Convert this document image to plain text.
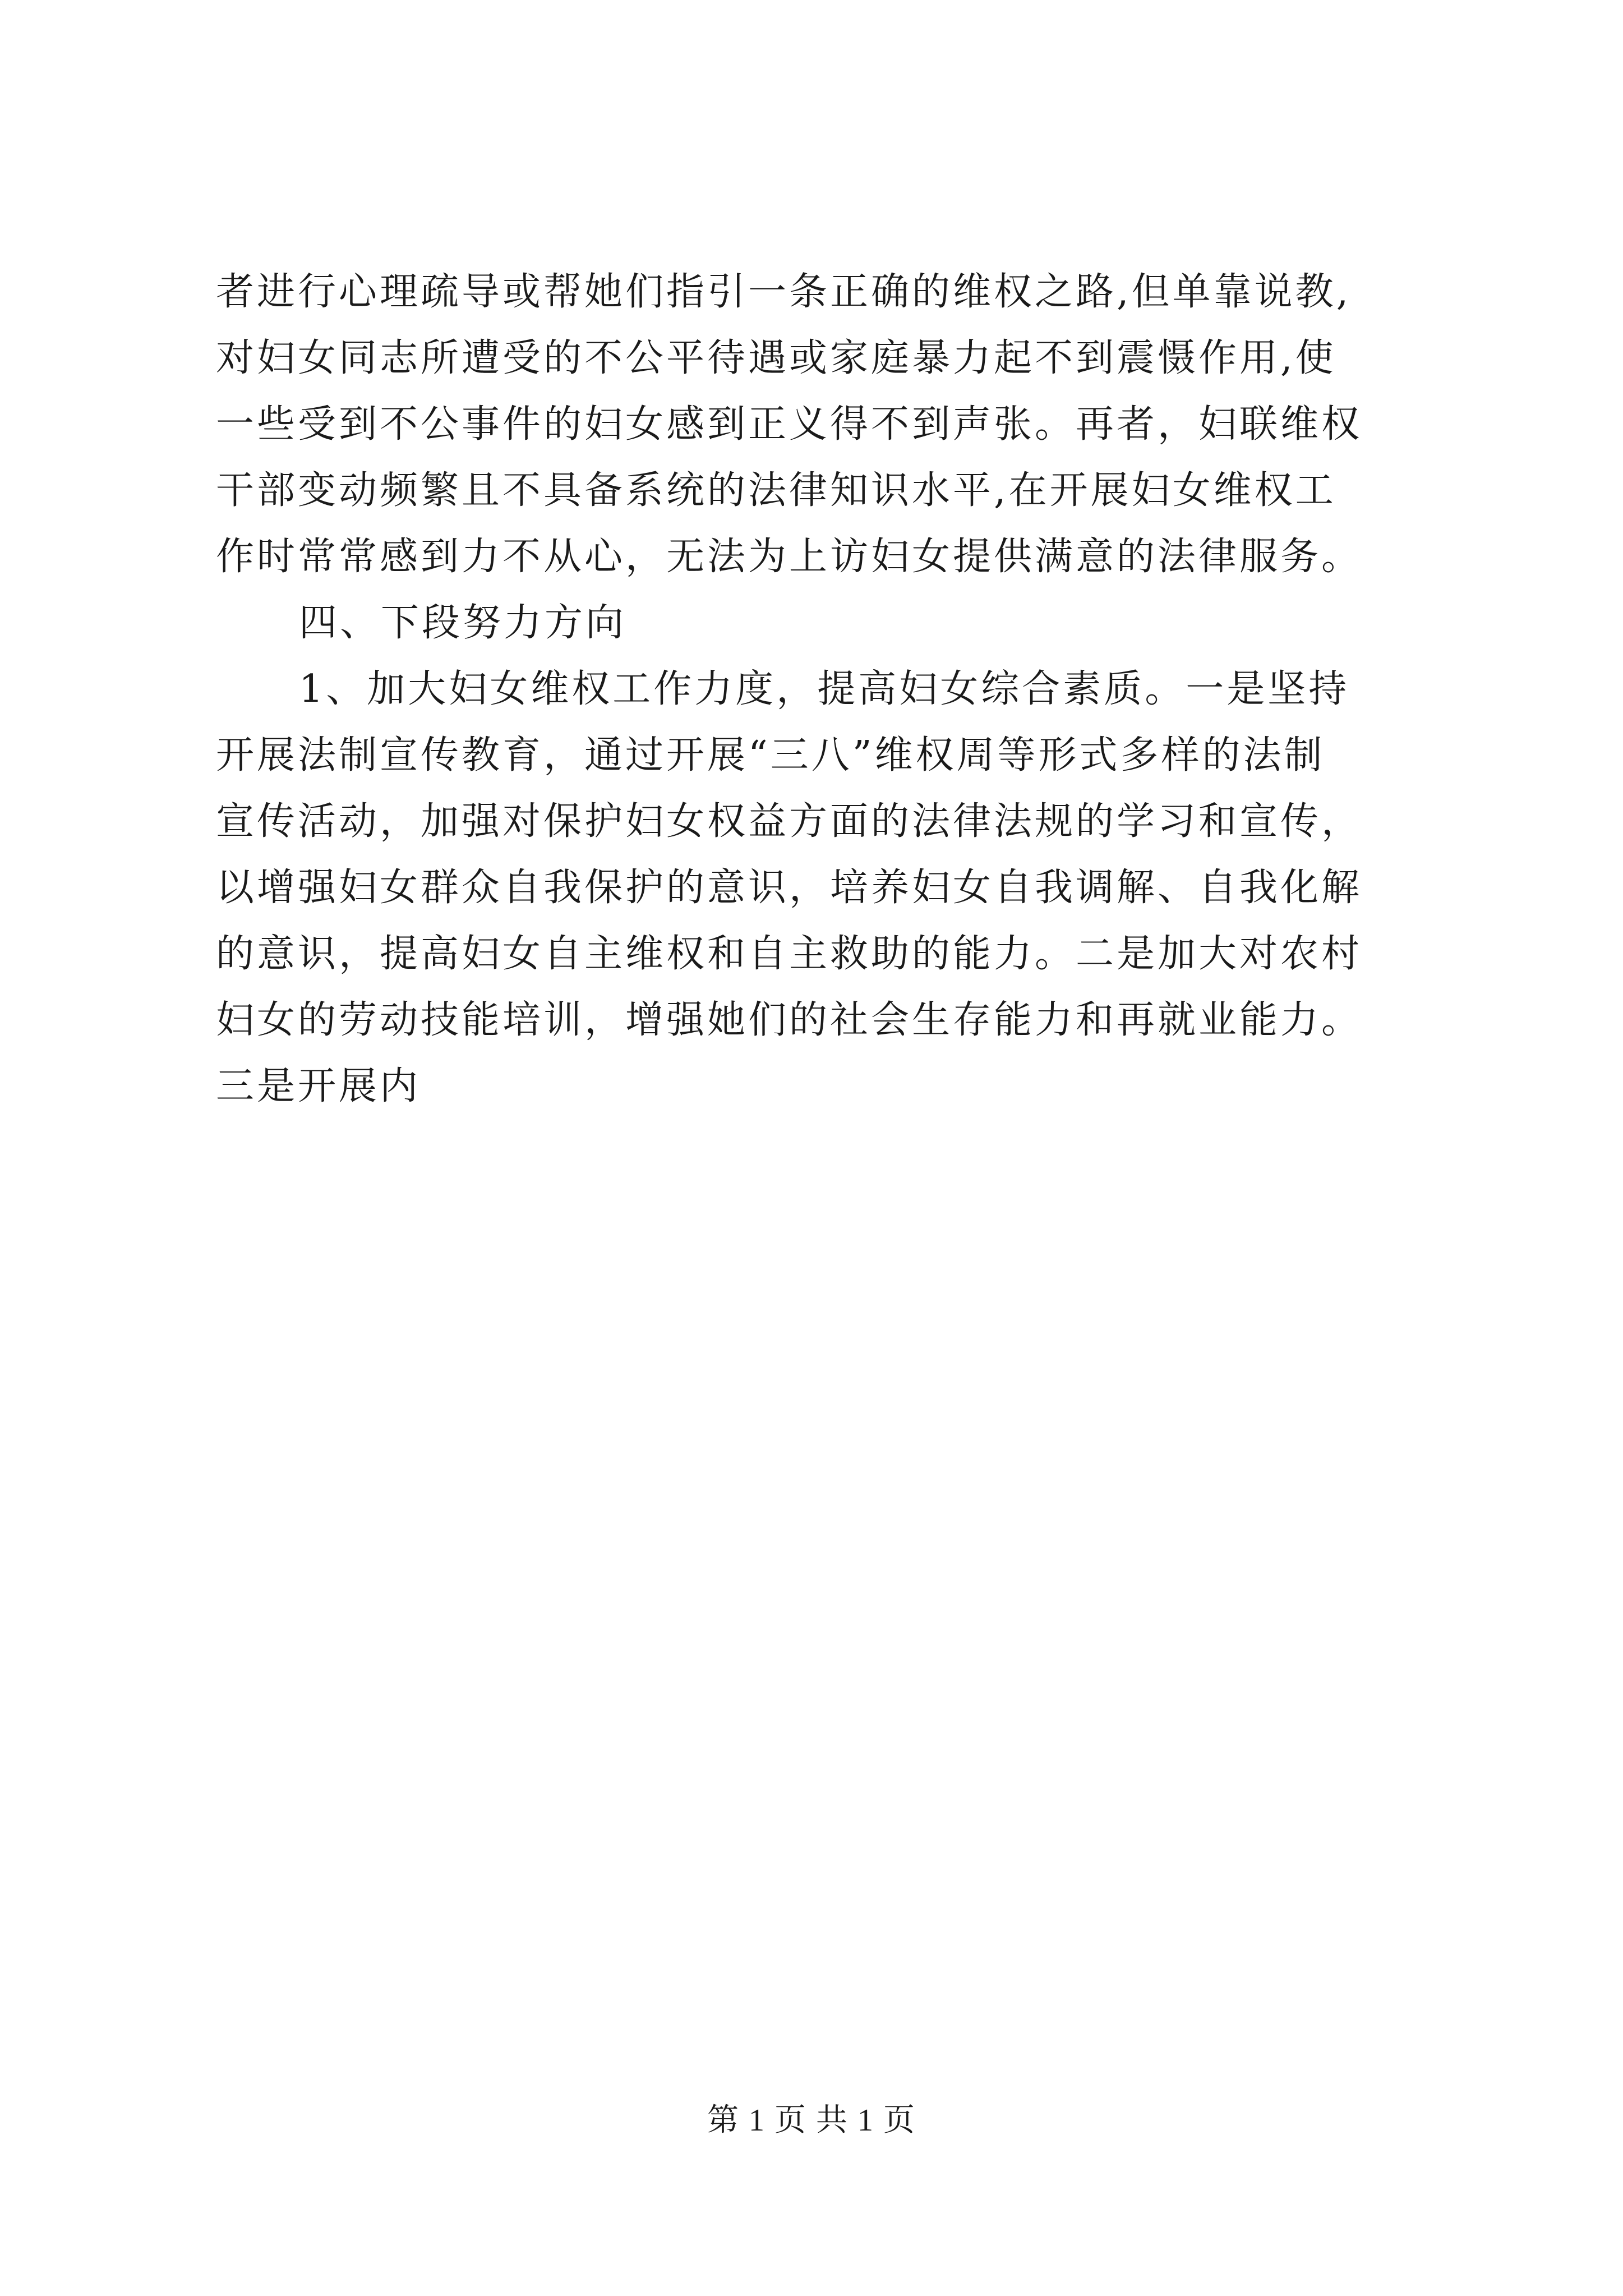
者进行心理疏导或帮她们指引一条正确的维权之路,但单靠说教,
对妇女同志所遭受的不公平待遇或家庭暴力起不到震慑作用,使
一些受到不公事件的妇女感到正义得不到声张。再者，妇联维权
干部变动频繁且不具备系统的法律知识水平,在开展妇女维权工
作时常常感到力不从心，无法为上访妇女提供满意的法律服务。
四、下段努力方向
1、加大妇女维权工作力度，提高妇女综合素质。一是坚持
开展法制宣传教育，通过开展“三八”维权周等形式多样的法制
宣传活动，加强对保护妇女权益方面的法律法规的学习和宣传，
以增强妇女群众自我保护的意识，培养妇女自我调解、自我化解
的意识，提高妇女自主维权和自主救助的能力。二是加大对农村
妇女的劳动技能培训，增强她们的社会生存能力和再就业能力。
三是开展内
第 1 页 共 1 页
